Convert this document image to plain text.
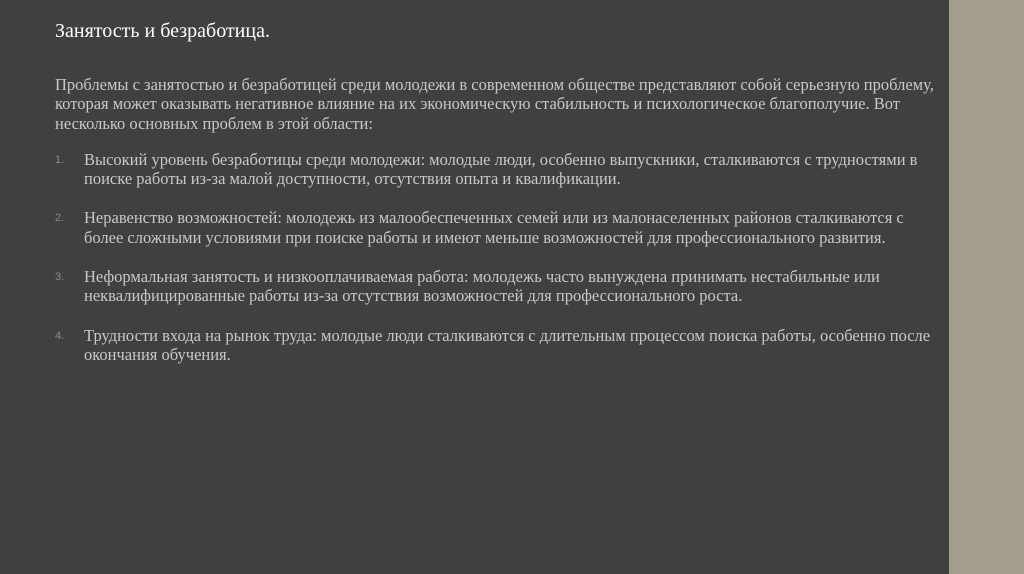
Занятость и безработица.

Проблемы с занятостью и безработицей среди молодежи в современном обществе представляют собой серьезную проблему, которая может оказывать негативное влияние на их экономическую стабильность и психологическое благополучие. Вот несколько основных проблем в этой области:

1. Высокий уровень безработицы среди молодежи: молодые люди, особенно выпускники, сталкиваются с трудностями в поиске работы из-за малой доступности, отсутствия опыта и квалификации.
2. Неравенство возможностей: молодежь из малообеспеченных семей или из малонаселенных районов сталкиваются с более сложными условиями при поиске работы и имеют меньше возможностей для профессионального развития.
3. Неформальная занятость и низкооплачиваемая работа: молодежь часто вынуждена принимать нестабильные или неквалифицированные работы из-за отсутствия возможностей для профессионального роста.
4. Трудности входа на рынок труда: молодые люди сталкиваются с длительным процессом поиска работы, особенно после окончания обучения.
